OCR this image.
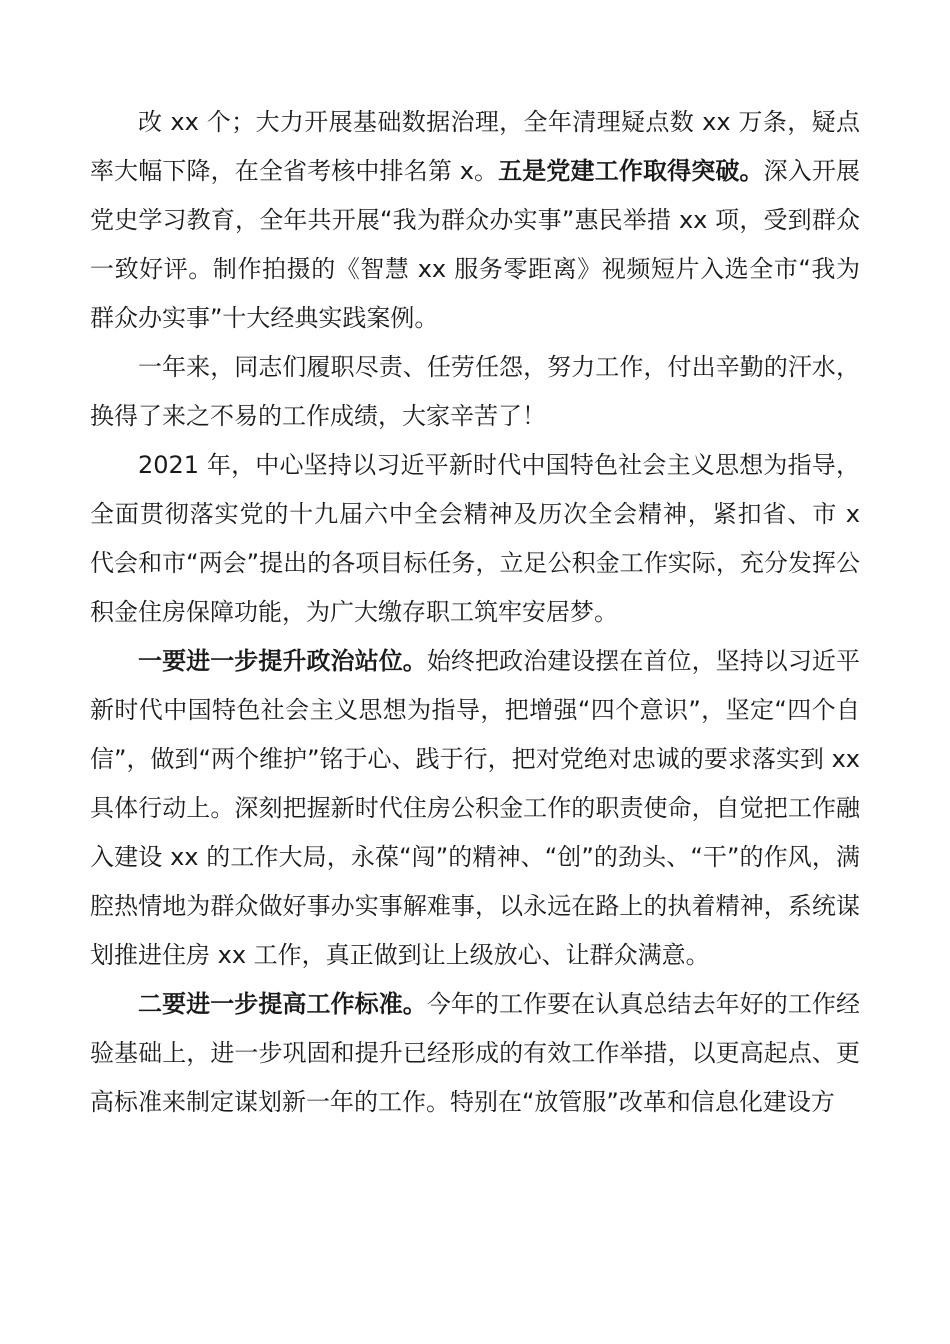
改 xx 个；大力开展基础数据治理，全年清理疑点数 xx 万条，疑点率大幅下降，在全省考核中排名第 x。五是党建工作取得突破。深入开展党史学习教育，全年共开展“我为群众办实事”惠民举措 xx 项，受到群众一致好评。制作拍摄的《智慧 xx 服务零距离》视频短片入选全市“我为群众办实事”十大经典实践案例。

一年来，同志们履职尽责、任劳任怨，努力工作，付出辛勤的汗水，换得了来之不易的工作成绩，大家辛苦了！

2021 年，中心坚持以习近平新时代中国特色社会主义思想为指导，全面贯彻落实党的十九届六中全会精神及历次全会精神，紧扣省、市 x 代会和市“两会”提出的各项目标任务，立足公积金工作实际，充分发挥公积金住房保障功能，为广大缴存职工筑牢安居梦。

一要进一步提升政治站位。始终把政治建设摆在首位，坚持以习近平新时代中国特色社会主义思想为指导，把增强“四个意识”，坚定“四个自信”，做到“两个维护”铭于心、践于行，把对党绝对忠诚的要求落实到 xx 具体行动上。深刻把握新时代住房公积金工作的职责使命，自觉把工作融入建设 xx 的工作大局，永葆“闯”的精神、“创”的劲头、“干”的作风，满腔热情地为群众做好事办实事解难事，以永远在路上的执着精神，系统谋划推进住房 xx 工作，真正做到让上级放心、让群众满意。

二要进一步提高工作标准。今年的工作要在认真总结去年好的工作经验基础上，进一步巩固和提升已经形成的有效工作举措，以更高起点、更高标准来制定谋划新一年的工作。特别在“放管服”改革和信息化建设方
